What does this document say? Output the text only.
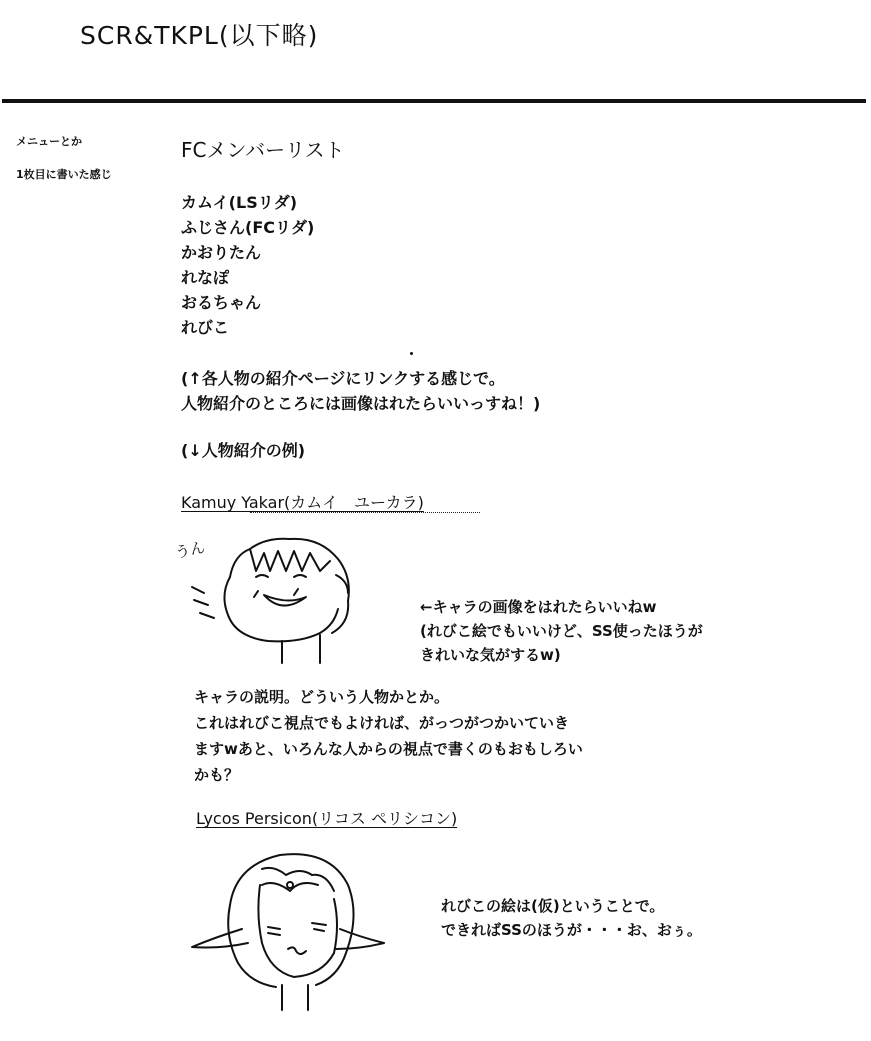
SCR&TKPL(以下略)
メニューとか
1枚目に書いた感じ
FCメンバーリスト
カムイ(LSリダ)
ふじさん(FCリダ)
かおりたん
れなぽ
おるちゃん
れびこ
(↑各人物の紹介ページにリンクする感じで。
人物紹介のところには画像はれたらいいっすね！)
(↓人物紹介の例)
Kamuy Yakar(カムイ　ユーカラ)
うん
←キャラの画像をはれたらいいねw
(れびこ絵でもいいけど、SS使ったほうが
きれいな気がするw)
キャラの説明。どういう人物かとか。
これはれびこ視点でもよければ、がっつがつかいていき
ますwあと、いろんな人からの視点で書くのもおもしろい
かも？
Lycos Persicon(リコス ペリシコン)
れびこの絵は(仮)ということで。
できればSSのほうが・・・お、おぅ。
